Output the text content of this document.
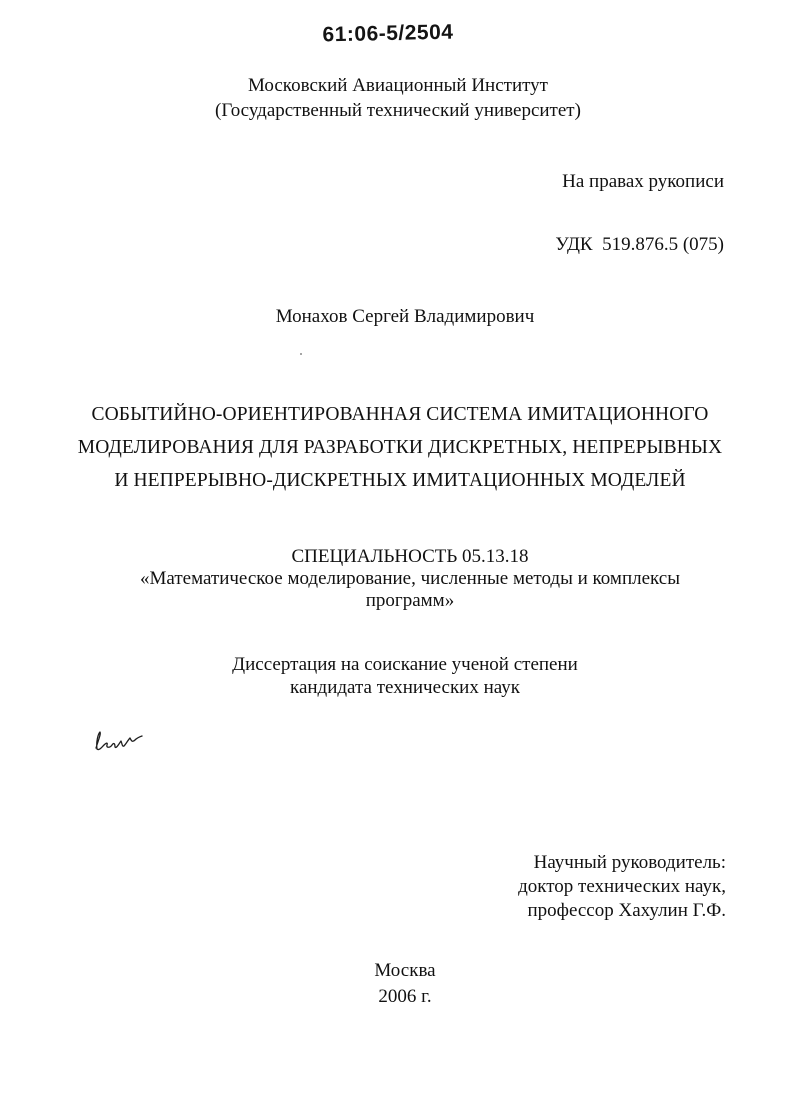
61:06-5/2504
Московский Авиационный Институт
(Государственный технический университет)
На правах рукописи
УДК  519.876.5 (075)
Монахов Сергей Владимирович
СОБЫТИЙНО-ОРИЕНТИРОВАННАЯ СИСТЕМА ИМИТАЦИОННОГО
МОДЕЛИРОВАНИЯ ДЛЯ РАЗРАБОТКИ ДИСКРЕТНЫХ, НЕПРЕРЫВНЫХ
И НЕПРЕРЫВНО-ДИСКРЕТНЫХ ИМИТАЦИОННЫХ МОДЕЛЕЙ
СПЕЦИАЛЬНОСТЬ 05.13.18
«Математическое моделирование, численные методы и комплексы
программ»
Диссертация на соискание ученой степени
кандидата технических наук
Научный руководитель:
доктор технических наук,
профессор Хахулин Г.Ф.
Москва
2006 г.
